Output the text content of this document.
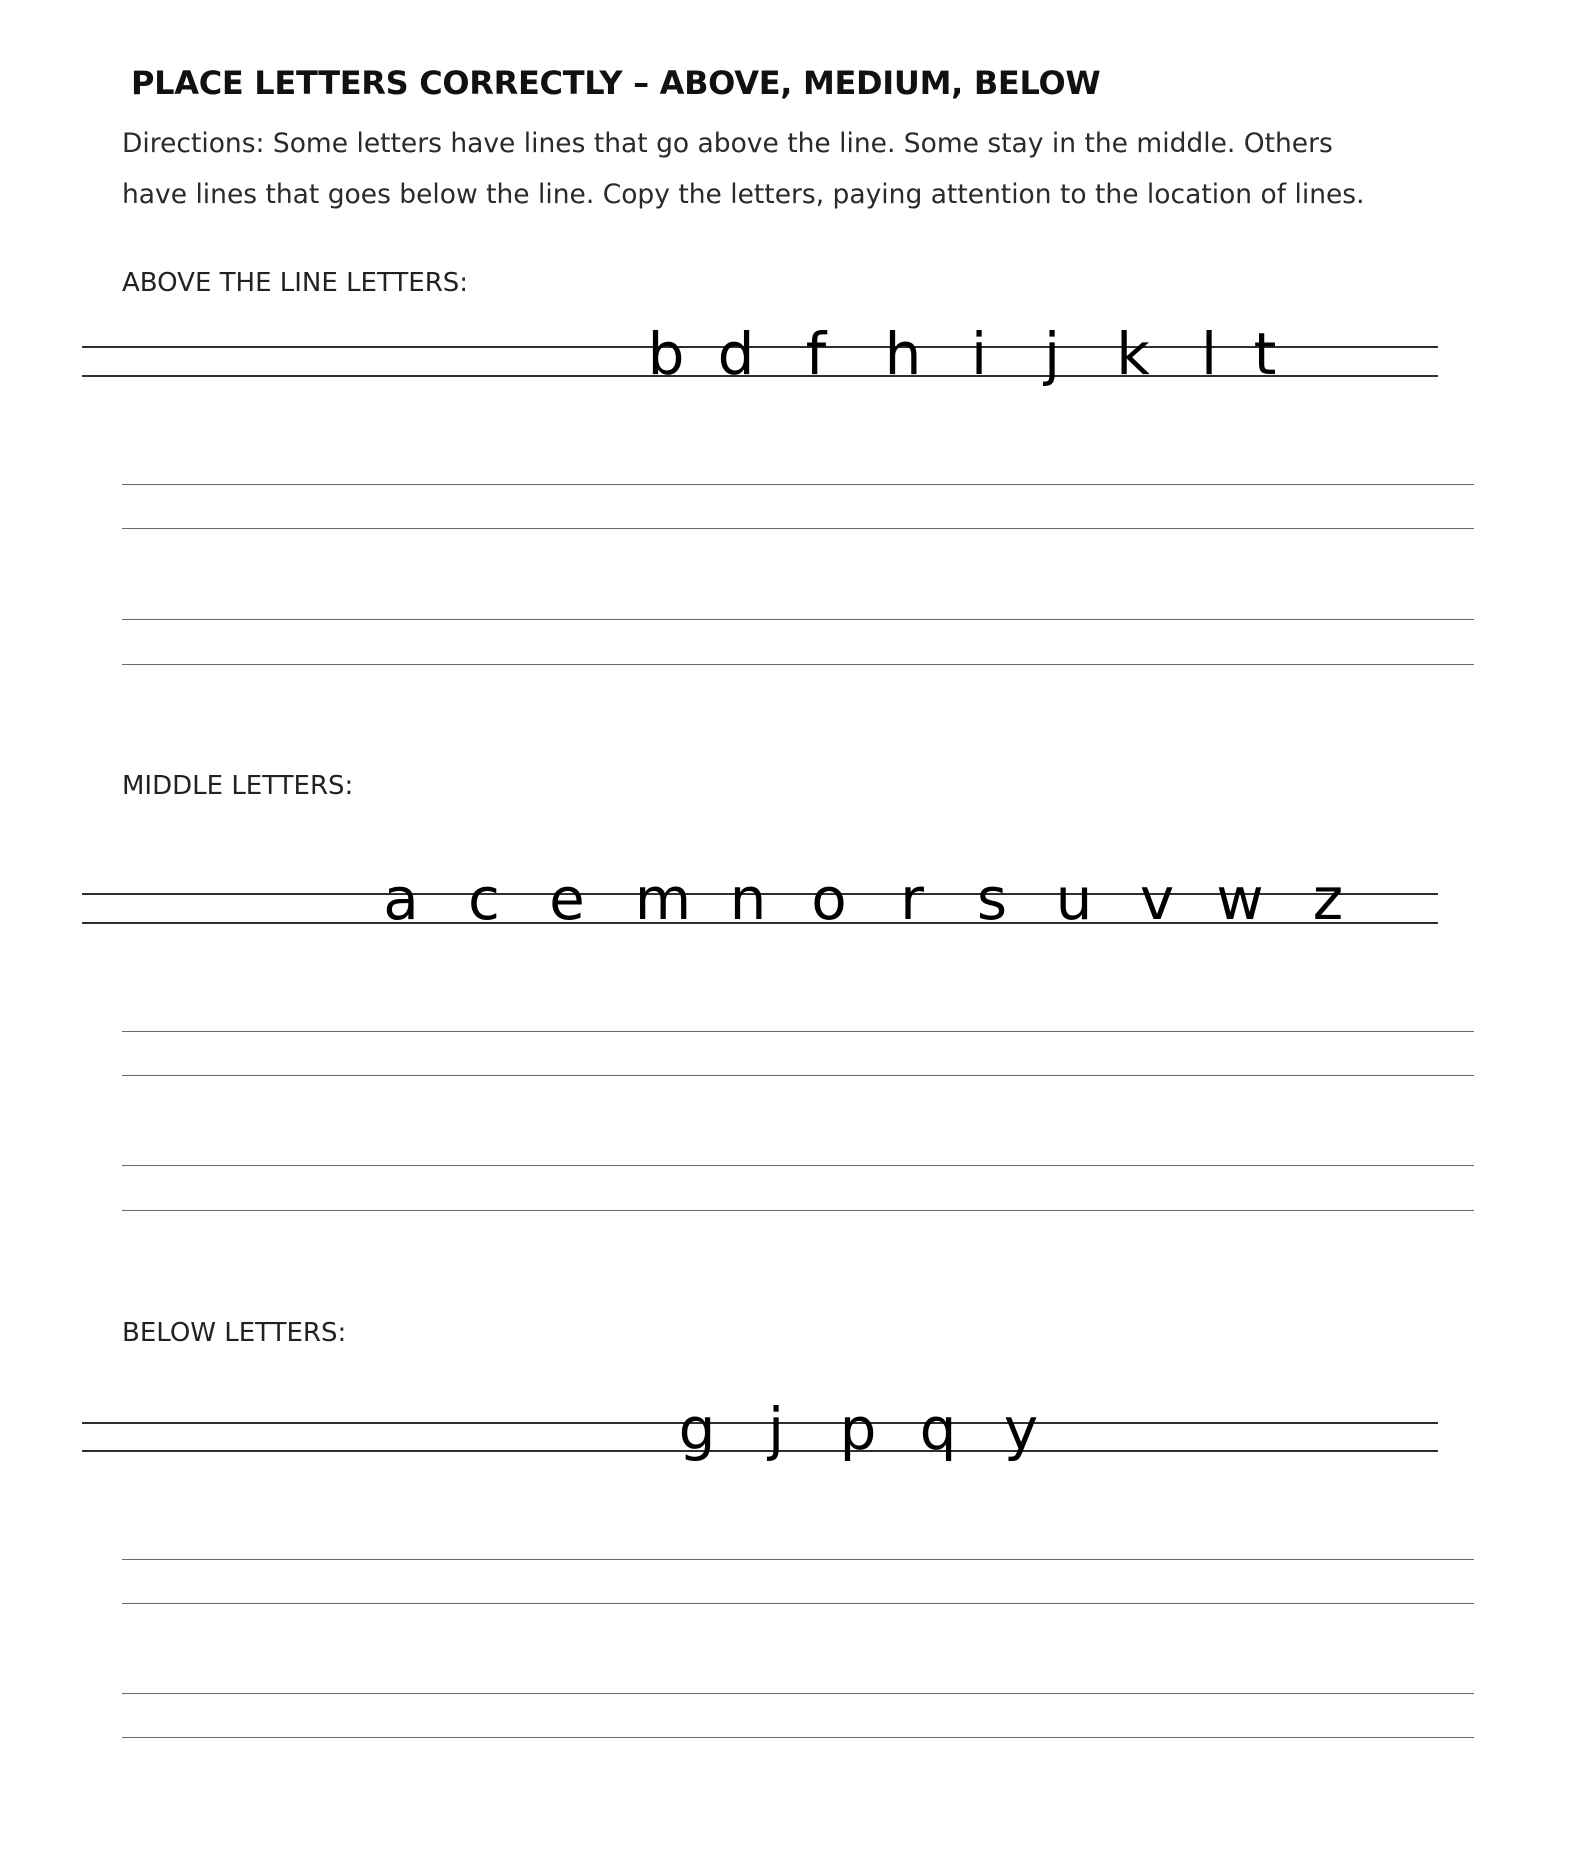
PLACE LETTERS CORRECTLY – ABOVE, MEDIUM, BELOW
Directions: Some letters have lines that go above the line. Some stay in the middle. Others
have lines that goes below the line. Copy the letters, paying attention to the location of lines.
ABOVE THE LINE LETTERS:
b d f h i j k l t
MIDDLE LETTERS:
a c e m n o r s u v w z
BELOW LETTERS:
g j p q y
